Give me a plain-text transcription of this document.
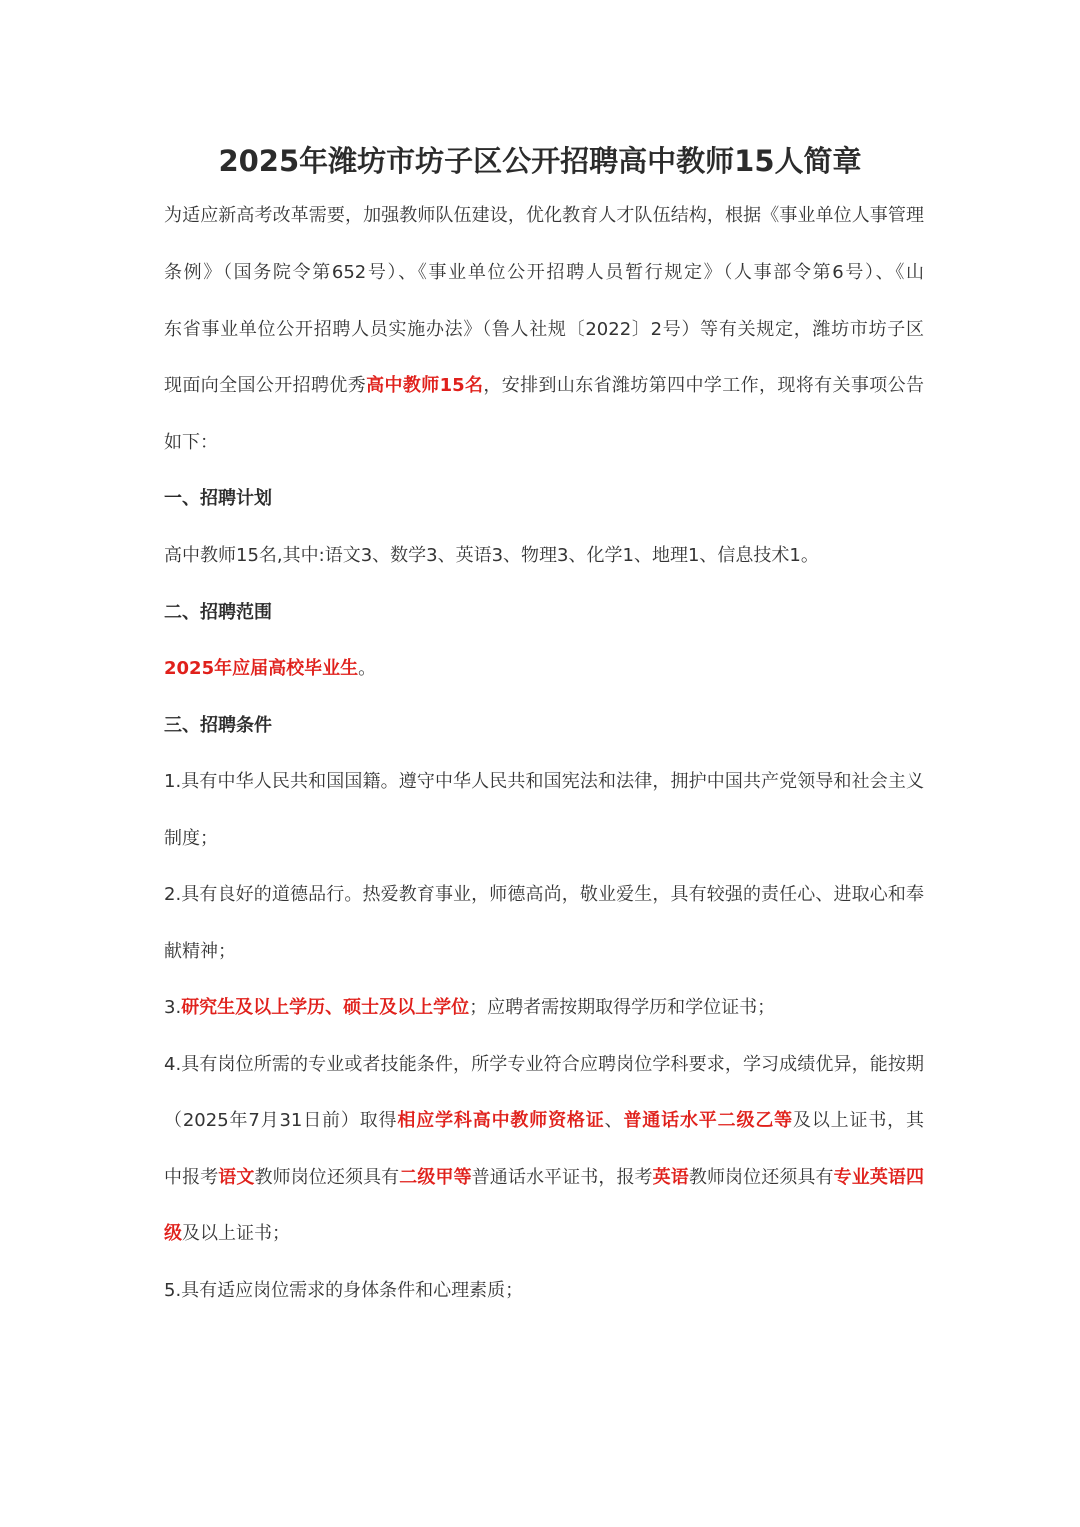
2025年潍坊市坊子区公开招聘高中教师15人简章
为适应新高考改革需要，加强教师队伍建设，优化教育人才队伍结构，根据《事业单位人事管理
条例》（国务院令第652号）、《事业单位公开招聘人员暂行规定》（人事部令第6号）、《山
东省事业单位公开招聘人员实施办法》（鲁人社规〔2022〕2号）等有关规定，潍坊市坊子区
现面向全国公开招聘优秀高中教师15名，安排到山东省潍坊第四中学工作，现将有关事项公告
如下：
一、招聘计划
高中教师15名,其中:语文3、数学3、英语3、物理3、化学1、地理1、信息技术1。
二、招聘范围
2025年应届高校毕业生。
三、招聘条件
1.具有中华人民共和国国籍。遵守中华人民共和国宪法和法律，拥护中国共产党领导和社会主义
制度；
2.具有良好的道德品行。热爱教育事业，师德高尚，敬业爱生，具有较强的责任心、进取心和奉
献精神；
3.研究生及以上学历、硕士及以上学位；应聘者需按期取得学历和学位证书；
4.具有岗位所需的专业或者技能条件，所学专业符合应聘岗位学科要求，学习成绩优异，能按期
（2025年7月31日前）取得相应学科高中教师资格证、普通话水平二级乙等及以上证书，其
中报考语文教师岗位还须具有二级甲等普通话水平证书，报考英语教师岗位还须具有专业英语四
级及以上证书；
5.具有适应岗位需求的身体条件和心理素质；
